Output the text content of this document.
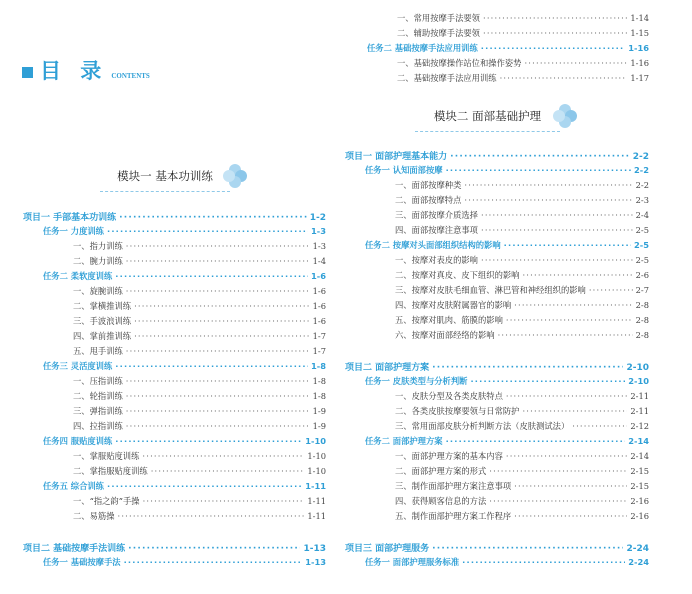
目 录 CONTENTS
模块一 基本功训练
模块二 面部基础护理
项目一 手部基本功训练 ·····	1-2
任务一 力度训练 ·····	1-3
一、指力训练 ·····	1-3
二、腕力训练 ·····	1-4
任务二 柔软度训练 ·····	1-6
一、旋腕训练 ·····	1-6
二、掌横推训练 ·····	1-6
三、手波浪训练 ·····	1-6
四、掌前推训练 ·····	1-7
五、甩手训练 ·····	1-7
任务三 灵活度训练 ·····	1-8
一、压指训练 ·····	1-8
二、轮指训练 ·····	1-8
三、弹指训练 ·····	1-9
四、拉指训练 ·····	1-9
任务四 服贴度训练 ·····	1-10
一、掌服贴度训练 ·····	1-10
二、掌指服贴度训练 ·····	1-10
任务五 综合训练 ·····	1-11
一、“指之韵”手操 ·····	1-11
二、易筋操 ·····	1-11
项目二 基础按摩手法训练 ·····	1-13
任务一 基础按摩手法 ·····	1-13
一、常用按摩手法要领 ·····	1-14
二、辅助按摩手法要领 ·····	1-15
任务二 基础按摩手法应用训练 ·····	1-16
一、基础按摩操作站位和操作姿势 ·····	1-16
二、基础按摩手法应用训练 ·····	1-17
项目一 面部护理基本能力 ·····	2-2
任务一 认知面部按摩 ·····	2-2
一、面部按摩种类 ·····	2-2
二、面部按摩特点 ·····	2-3
三、面部按摩介质选择 ·····	2-4
四、面部按摩注意事项 ·····	2-5
任务二 按摩对头面部组织结构的影响 ·····	2-5
一、按摩对表皮的影响 ·····	2-5
二、按摩对真皮、皮下组织的影响 ·····	2-6
三、按摩对皮肤毛细血管、淋巴管和神经组织的影响 ·····	2-7
四、按摩对皮肤附属器官的影响 ·····	2-8
五、按摩对肌肉、筋膜的影响 ·····	2-8
六、按摩对面部经络的影响 ·····	2-8
项目二 面部护理方案 ·····	2-10
任务一 皮肤类型与分析判断 ·····	2-10
一、皮肤分型及各类皮肤特点 ·····	2-11
二、各类皮肤按摩要领与日常防护 ·····	2-11
三、常用面部皮肤分析判断方法（皮肤测试法） ·····	2-12
任务二 面部护理方案 ·····	2-14
一、面部护理方案的基本内容 ·····	2-14
二、面部护理方案的形式 ·····	2-15
三、制作面部护理方案注意事项 ·····	2-15
四、获得顾客信息的方法 ·····	2-16
五、制作面部护理方案工作程序 ·····	2-16
项目三 面部护理服务 ·····	2-24
任务一 面部护理服务标准 ·····	2-24
